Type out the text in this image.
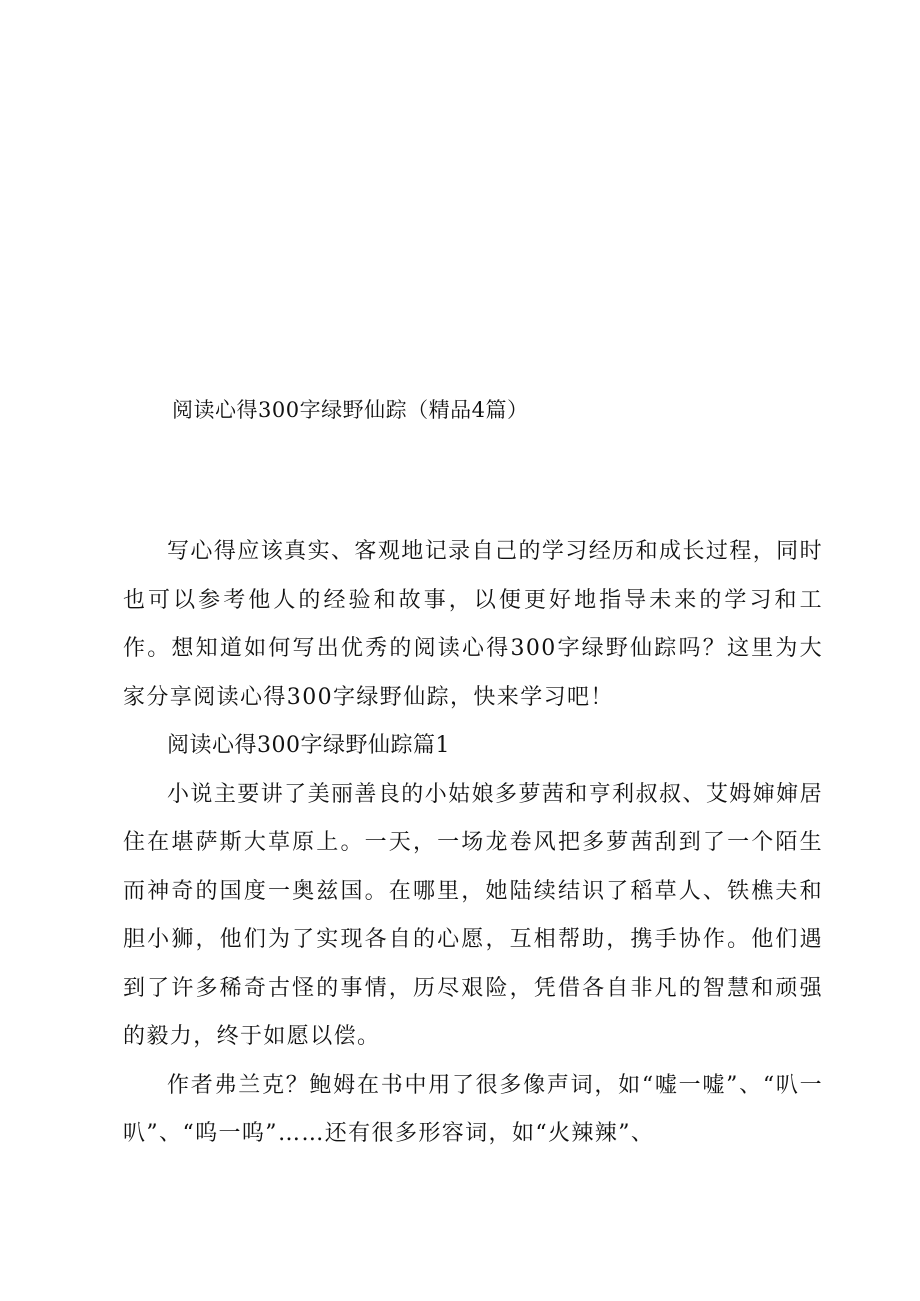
阅读心得300字绿野仙踪（精品4篇）

写心得应该真实、客观地记录自己的学习经历和成长过程，同时也可以参考他人的经验和故事，以便更好地指导未来的学习和工作。想知道如何写出优秀的阅读心得300字绿野仙踪吗？这里为大家分享阅读心得300字绿野仙踪，快来学习吧！

阅读心得300字绿野仙踪篇1

小说主要讲了美丽善良的小姑娘多萝茜和亨利叔叔、艾姆婶婶居住在堪萨斯大草原上。一天，一场龙卷风把多萝茜刮到了一个陌生而神奇的国度一奥兹国。在哪里，她陆续结识了稻草人、铁樵夫和胆小狮，他们为了实现各自的心愿，互相帮助，携手协作。他们遇到了许多稀奇古怪的事情，历尽艰险，凭借各自非凡的智慧和顽强的毅力，终于如愿以偿。

作者弗兰克？鲍姆在书中用了很多像声词，如“嘘一嘘”、“叭一叭”、“呜一呜”……还有很多形容词，如“火辣辣”、
